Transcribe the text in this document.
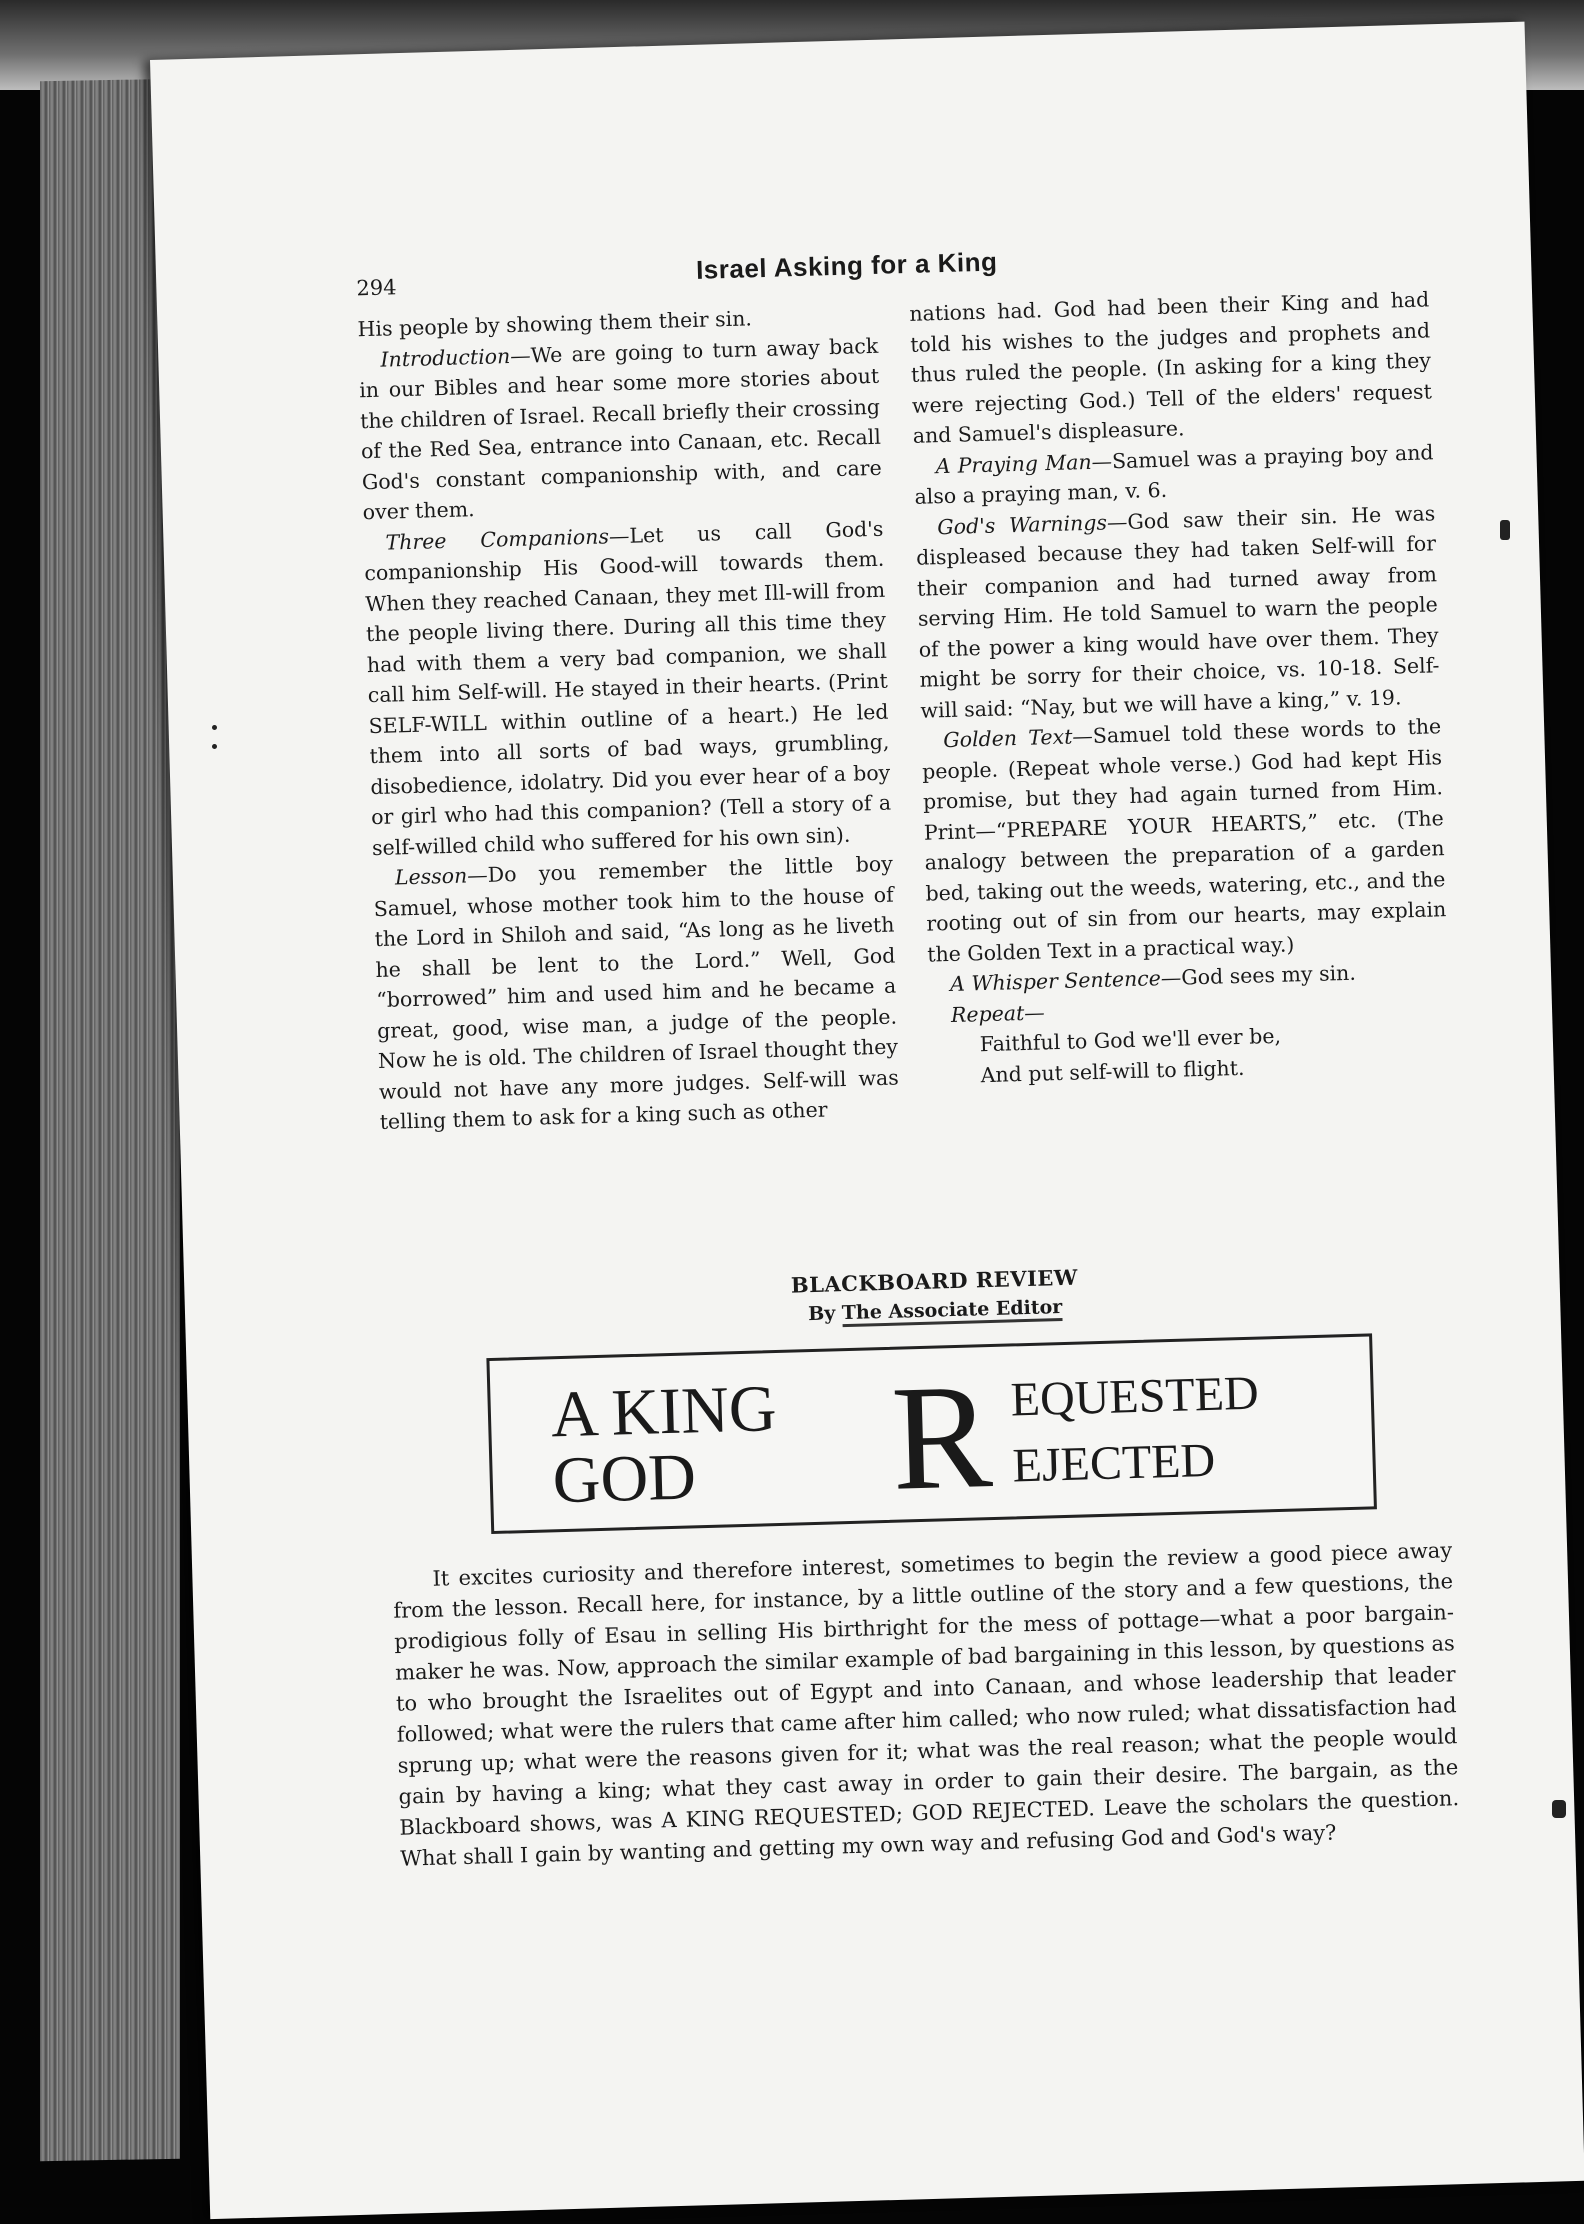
294
Israel Asking for a King

His people by showing them their sin.

Introduction—We are going to turn away back in our Bibles and hear some more stories about the children of Israel. Recall briefly their crossing of the Red Sea, entrance into Canaan, etc. Recall God's constant companionship with, and care over them.

Three Companions—Let us call God's companionship His Good-will towards them. When they reached Canaan, they met Ill-will from the people living there. During all this time they had with them a very bad companion, we shall call him Self-will. He stayed in their hearts. (Print SELF-WILL within outline of a heart.) He led them into all sorts of bad ways, grumbling, disobedience, idolatry. Did you ever hear of a boy or girl who had this companion? (Tell a story of a self-willed child who suffered for his own sin).

Lesson—Do you remember the little boy Samuel, whose mother took him to the house of the Lord in Shiloh and said, “As long as he liveth he shall be lent to the Lord.” Well, God “borrowed” him and used him and he became a great, good, wise man, a judge of the people. Now he is old. The children of Israel thought they would not have any more judges. Self-will was telling them to ask for a king such as other

nations had. God had been their King and had told his wishes to the judges and prophets and thus ruled the people. (In asking for a king they were rejecting God.) Tell of the elders' request and Samuel's displeasure.

A Praying Man—Samuel was a praying boy and also a praying man, v. 6.

God's Warnings—God saw their sin. He was displeased because they had taken Self-will for their companion and had turned away from serving Him. He told Samuel to warn the people of the power a king would have over them. They might be sorry for their choice, vs. 10-18. Self-will said: “Nay, but we will have a king,” v. 19.

Golden Text—Samuel told these words to the people. (Repeat whole verse.) God had kept His promise, but they had again turned from Him. Print—“PREPARE YOUR HEARTS,” etc. (The analogy between the preparation of a garden bed, taking out the weeds, watering, etc., and the rooting out of sin from our hearts, may explain the Golden Text in a practical way.)

A Whisper Sentence—God sees my sin.

Repeat—

Faithful to God we'll ever be,

And put self-will to flight.

BLACKBOARD REVIEW
By The Associate Editor
A KING
GOD R EQUESTED
EJECTED

It excites curiosity and therefore interest, sometimes to begin the review a good piece away from the lesson. Recall here, for instance, by a little outline of the story and a few questions, the prodigious folly of Esau in selling His birthright for the mess of pottage—what a poor bargain-maker he was. Now, approach the similar example of bad bargaining in this lesson, by questions as to who brought the Israelites out of Egypt and into Canaan, and whose leadership that leader followed; what were the rulers that came after him called; who now ruled; what dissatisfaction had sprung up; what were the reasons given for it; what was the real reason; what the people would gain by having a king; what they cast away in order to gain their desire. The bargain, as the Blackboard shows, was A KING REQUESTED; GOD REJECTED. Leave the scholars the question. What shall I gain by wanting and getting my own way and refusing God and God's way?
